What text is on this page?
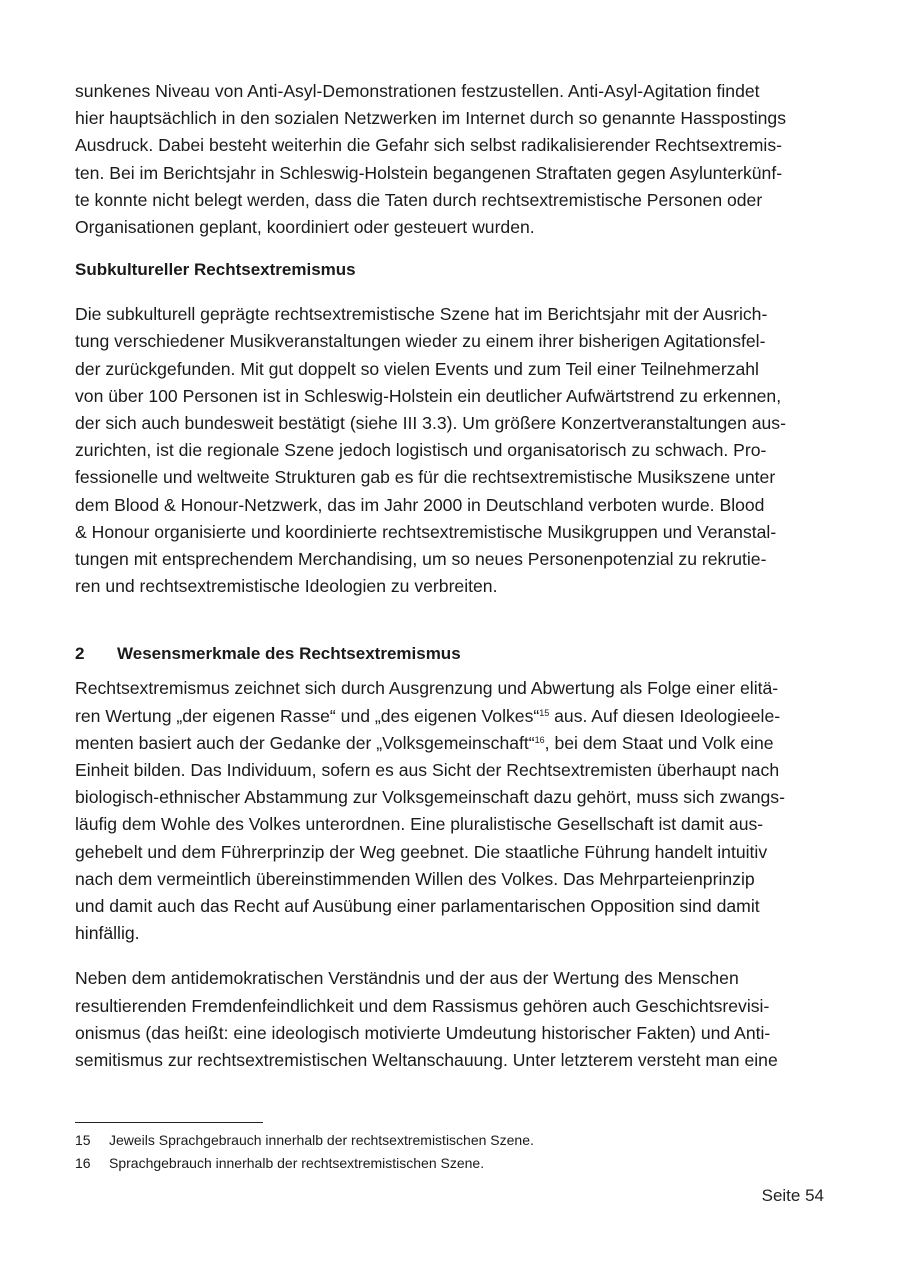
sunkenes Niveau von Anti-Asyl-Demonstrationen festzustellen. Anti-Asyl-Agitation findet
hier hauptsächlich in den sozialen Netzwerken im Internet durch so genannte Hasspostings
Ausdruck. Dabei besteht weiterhin die Gefahr sich selbst radikalisierender Rechtsextremis-
ten. Bei im Berichtsjahr in Schleswig-Holstein begangenen Straftaten gegen Asylunterkünf-
te konnte nicht belegt werden, dass die Taten durch rechtsextremistische Personen oder
Organisationen geplant, koordiniert oder gesteuert wurden.

Subkultureller Rechtsextremismus

Die subkulturell geprägte rechtsextremistische Szene hat im Berichtsjahr mit der Ausrich-
tung verschiedener Musikveranstaltungen wieder zu einem ihrer bisherigen Agitationsfel-
der zurückgefunden. Mit gut doppelt so vielen Events und zum Teil einer Teilnehmerzahl
von über 100 Personen ist in Schleswig-Holstein ein deutlicher Aufwärtstrend zu erkennen,
der sich auch bundesweit bestätigt (siehe III 3.3). Um größere Konzertveranstaltungen aus-
zurichten, ist die regionale Szene jedoch logistisch und organisatorisch zu schwach. Pro-
fessionelle und weltweite Strukturen gab es für die rechtsextremistische Musikszene unter
dem Blood & Honour-Netzwerk, das im Jahr 2000 in Deutschland verboten wurde. Blood
& Honour organisierte und koordinierte rechtsextremistische Musikgruppen und Veranstal-
tungen mit entsprechendem Merchandising, um so neues Personenpotenzial zu rekrutie-
ren und rechtsextremistische Ideologien zu verbreiten.

2	Wesensmerkmale des Rechtsextremismus

Rechtsextremismus zeichnet sich durch Ausgrenzung und Abwertung als Folge einer elitä-
ren Wertung „der eigenen Rasse“ und „des eigenen Volkes“$^{15}$ aus. Auf diesen Ideologieele-
menten basiert auch der Gedanke der „Volksgemeinschaft“$^{16}$, bei dem Staat und Volk eine
Einheit bilden. Das Individuum, sofern es aus Sicht der Rechtsextremisten überhaupt nach
biologisch-ethnischer Abstammung zur Volksgemeinschaft dazu gehört, muss sich zwangs-
läufig dem Wohle des Volkes unterordnen. Eine pluralistische Gesellschaft ist damit aus-
gehebelt und dem Führerprinzip der Weg geebnet. Die staatliche Führung handelt intuitiv
nach dem vermeintlich übereinstimmenden Willen des Volkes. Das Mehrparteienprinzip
und damit auch das Recht auf Ausübung einer parlamentarischen Opposition sind damit
hinfällig.

Neben dem antidemokratischen Verständnis und der aus der Wertung des Menschen
resultierenden Fremdenfeindlichkeit und dem Rassismus gehören auch Geschichtsrevisi-
onismus (das heißt: eine ideologisch motivierte Umdeutung historischer Fakten) und Anti-
semitismus zur rechtsextremistischen Weltanschauung. Unter letzterem versteht man eine

15	Jeweils Sprachgebrauch innerhalb der rechtsextremistischen Szene.
16	Sprachgebrauch innerhalb der rechtsextremistischen Szene.
Seite 54
